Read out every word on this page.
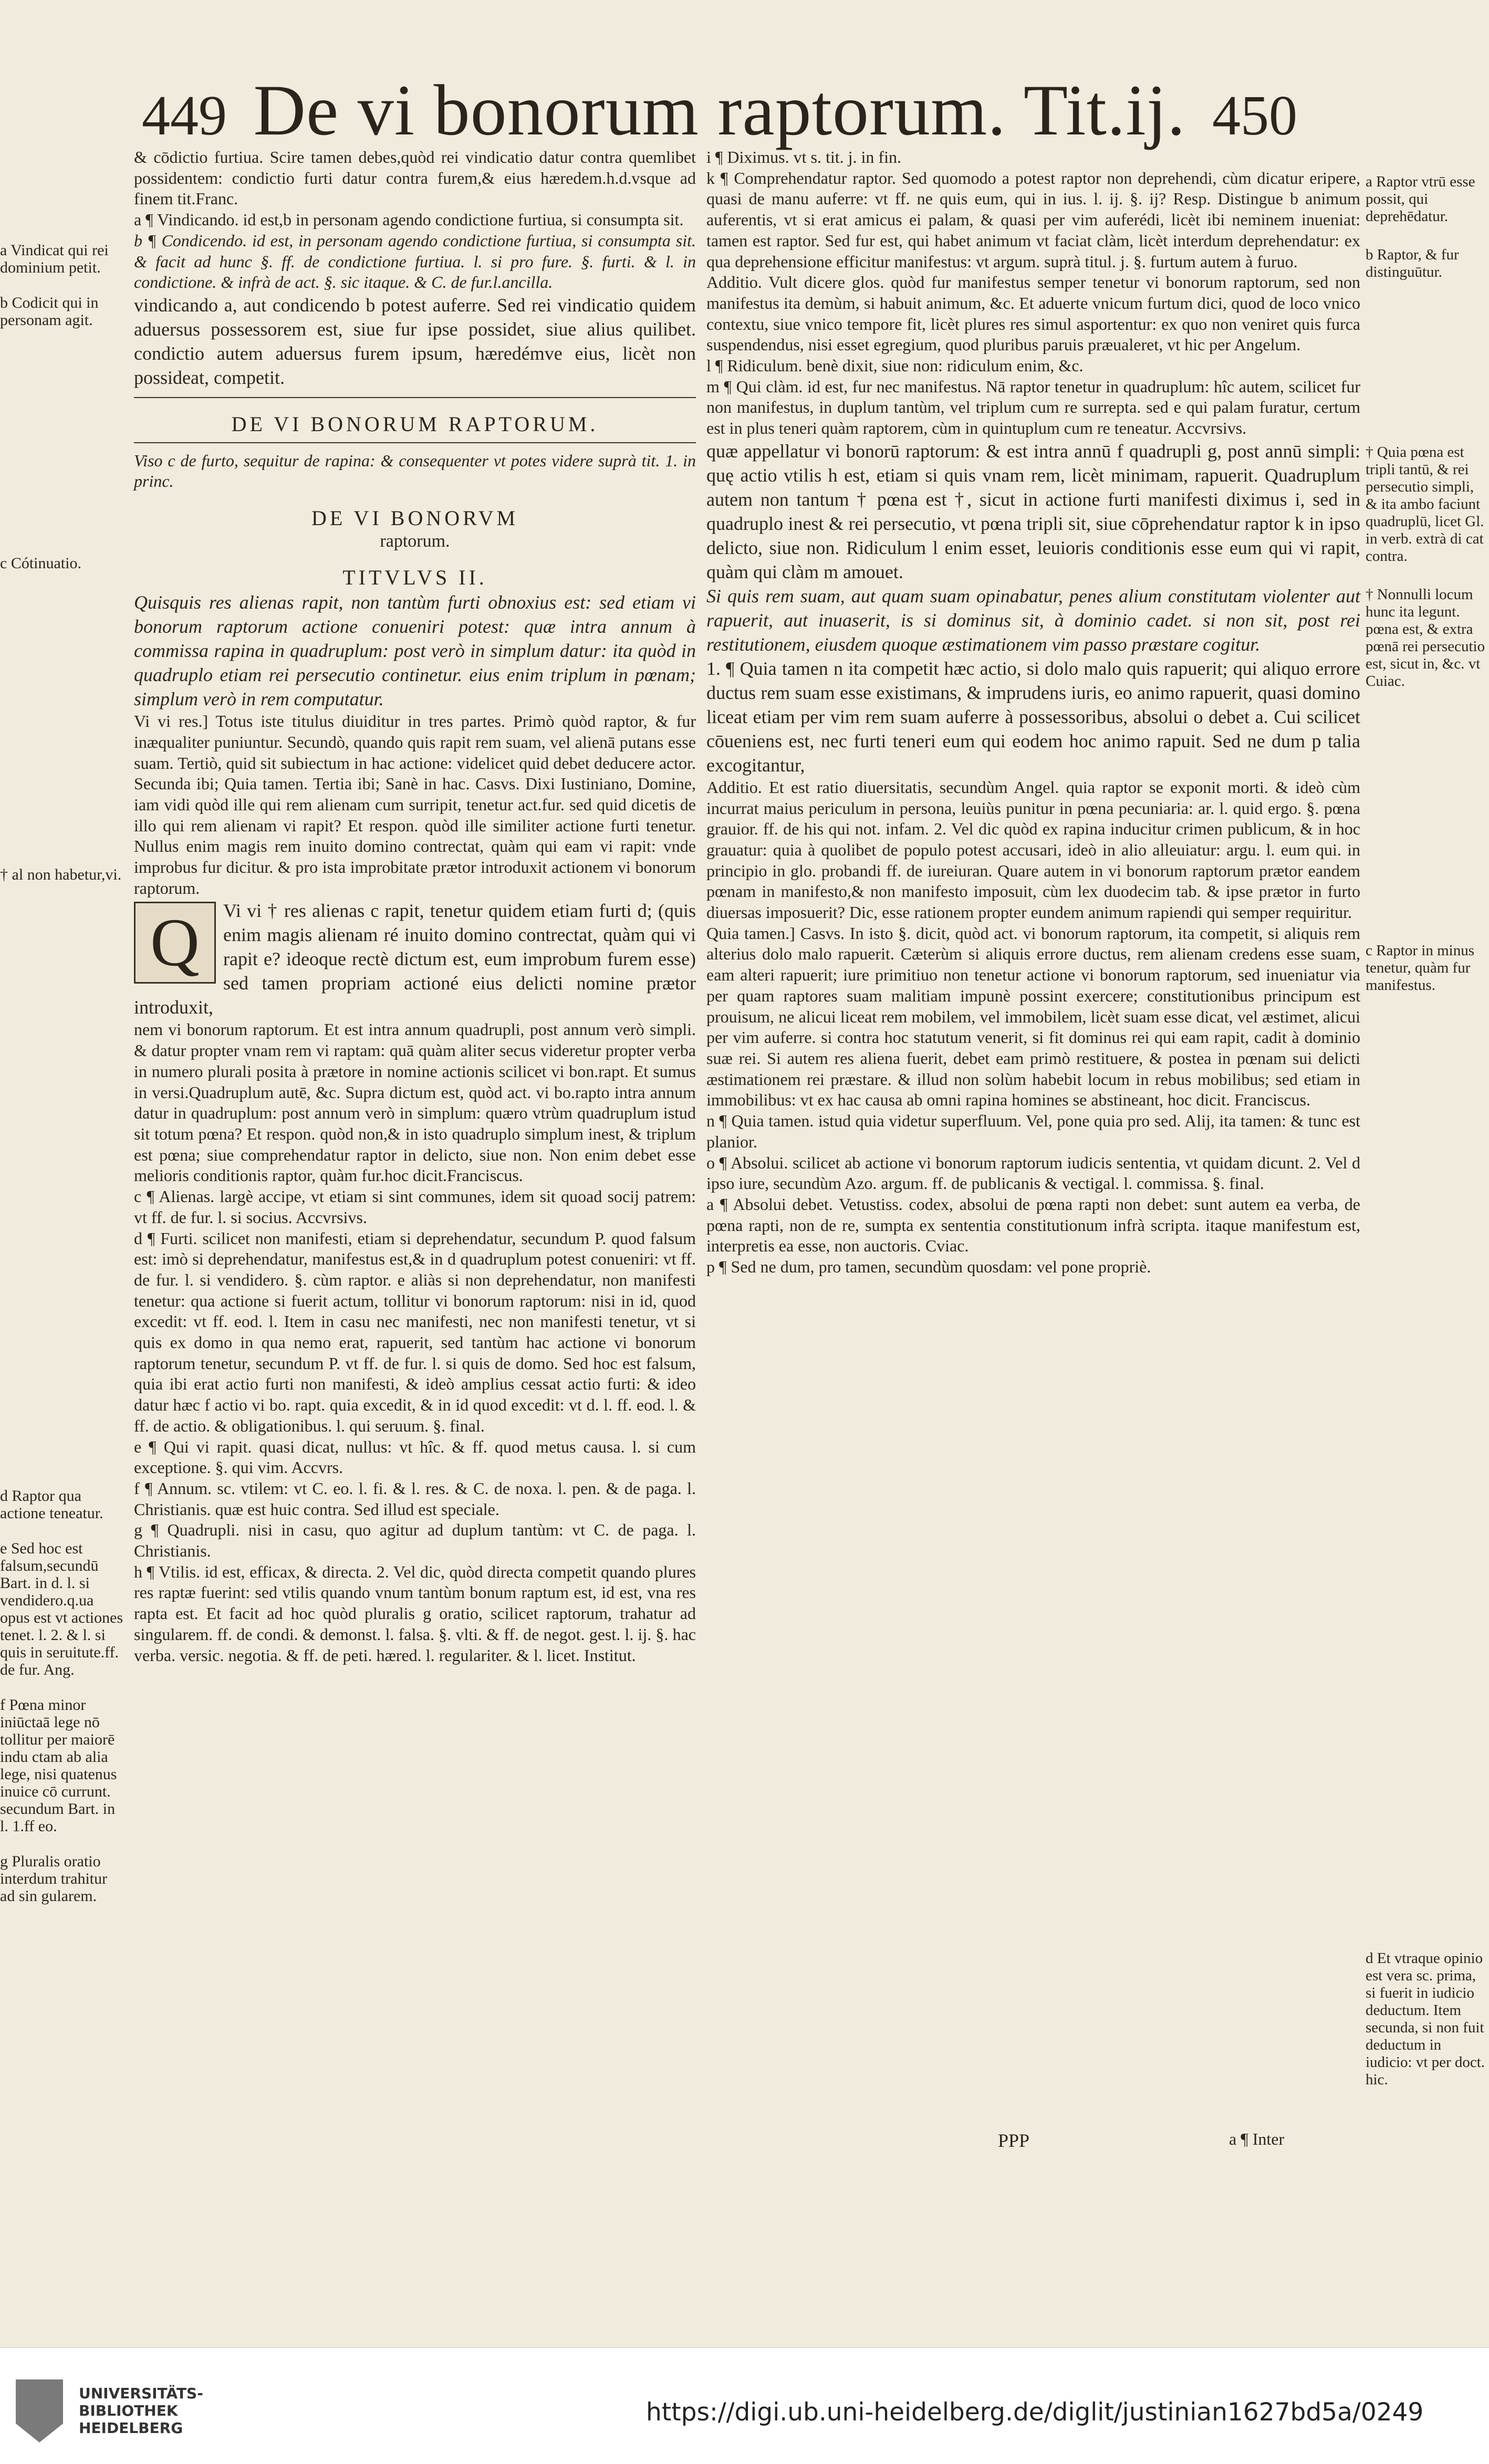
449 De vi bonorum raptorum. Tit.ij. 450

a Vindicat qui rei dominium petit.

b Codicit qui in personam agit.

c Cótinuatio.

† al non habetur,vi.

d Raptor qua actione teneatur.

e Sed hoc est falsum,secundū Bart. in d. l. si vendidero.q.ua opus est vt actiones tenet. l. 2. & l. si quis in seruitute.ff. de fur. Ang.

f Pœna minor iniūctaā lege nō tollitur per maiorē indu ctam ab alia lege, nisi quatenus inuice cō currunt. secundum Bart. in l. 1.ff eo.

g Pluralis oratio interdum trahitur ad sin gularem.

& cōdictio furtiua. Scire tamen debes,quòd rei vindicatio datur contra quemlibet possidentem: condictio furti datur contra furem,& eius hæredem.h.d.vsque ad finem tit.Franc.

a ¶ Vindicando. id est,b in personam agendo condictione furtiua, si consumpta sit.

b ¶ Condicendo. id est, in personam agendo condictione furtiua, si consumpta sit. & facit ad hunc §. ff. de condictione furtiua. l. si pro fure. §. furti. & l. in condictione. & infrà de act. §. sic itaque. & C. de fur.l.ancilla.

vindicando a, aut condicendo b potest auferre. Sed rei vindicatio quidem aduersus possessorem est, siue fur ipse possidet, siue alius quilibet. condictio autem aduersus furem ipsum, hæredémve eius, licèt non possideat, competit.

DE VI BONORUM RAPTORUM.

Viso c de furto, sequitur de rapina: & consequenter vt potes videre suprà tit. 1. in princ.

DE VI BONORVM

raptorum.

TITVLVS II.

Quisquis res alienas rapit, non tantùm furti obnoxius est: sed etiam vi bonorum raptorum actione conueniri potest: quæ intra annum à commissa rapina in quadruplum: post verò in simplum datur: ita quòd in quadruplo etiam rei persecutio continetur. eius enim triplum in pœnam; simplum verò in rem computatur.

Vi vi res.] Totus iste titulus diuiditur in tres partes. Primò quòd raptor, & fur inæqualiter puniuntur. Secundò, quando quis rapit rem suam, vel alienā putans esse suam. Tertiò, quid sit subiectum in hac actione: videlicet quid debet deducere actor. Secunda ibi; Quia tamen. Tertia ibi; Sanè in hac. Casvs. Dixi Iustiniano, Domine, iam vidi quòd ille qui rem alienam cum surripit, tenetur act.fur. sed quid dicetis de illo qui rem alienam vi rapit? Et respon. quòd ille similiter actione furti tenetur. Nullus enim magis rem inuito domino contrectat, quàm qui eam vi rapit: vnde improbus fur dicitur. & pro ista improbitate prætor introduxit actionem vi bonorum raptorum.

Q	Vi vi † res alienas c rapit, tenetur quidem etiam furti d; (quis enim magis alienam ré inuito domino contrectat, quàm qui vi rapit e? ideoque rectè dictum est, eum improbum furem esse) sed tamen propriam actioné eius delicti nomine prætor introduxit,

nem vi bonorum raptorum. Et est intra annum quadrupli, post annum verò simpli. & datur propter vnam rem vi raptam: quā quàm aliter secus videretur propter verba in numero plurali posita à prætore in nomine actionis scilicet vi bon.rapt. Et sumus in versi.Quadruplum autē, &c. Supra dictum est, quòd act. vi bo.rapto intra annum datur in quadruplum: post annum verò in simplum: quæro vtrùm quadruplum istud sit totum pœna? Et respon. quòd non,& in isto quadruplo simplum inest, & triplum est pœna; siue comprehendatur raptor in delicto, siue non. Non enim debet esse melioris conditionis raptor, quàm fur.hoc dicit.Franciscus.

c ¶ Alienas. largè accipe, vt etiam si sint communes, idem sit quoad socij patrem: vt ff. de fur. l. si socius. Accvrsivs.

d ¶ Furti. scilicet non manifesti, etiam si deprehendatur, secundum P. quod falsum est: imò si deprehendatur, manifestus est,& in d quadruplum potest conueniri: vt ff. de fur. l. si vendidero. §. cùm raptor. e aliàs si non deprehendatur, non manifesti tenetur: qua actione si fuerit actum, tollitur vi bonorum raptorum: nisi in id, quod excedit: vt ff. eod. l. Item in casu nec manifesti, nec non manifesti tenetur, vt si quis ex domo in qua nemo erat, rapuerit, sed tantùm hac actione vi bonorum raptorum tenetur, secundum P. vt ff. de fur. l. si quis de domo. Sed hoc est falsum, quia ibi erat actio furti non manifesti, & ideò amplius cessat actio furti: & ideo datur hæc f actio vi bo. rapt. quia excedit, & in id quod excedit: vt d. l. ff. eod. l. & ff. de actio. & obligationibus. l. qui seruum. §. final.

e ¶ Qui vi rapit. quasi dicat, nullus: vt hîc. & ff. quod metus causa. l. si cum exceptione. §. qui vim. Accvrs.

f ¶ Annum. sc. vtilem: vt C. eo. l. fi. & l. res. & C. de noxa. l. pen. & de paga. l. Christianis. quæ est huic contra. Sed illud est speciale.

g ¶ Quadrupli. nisi in casu, quo agitur ad duplum tantùm: vt C. de paga. l. Christianis.

h ¶ Vtilis. id est, efficax, & directa. 2. Vel dic, quòd directa competit quando plures res raptæ fuerint: sed vtilis quando vnum tantùm bonum raptum est, id est, vna res rapta est. Et facit ad hoc quòd pluralis g oratio, scilicet raptorum, trahatur ad singularem. ff. de condi. & demonst. l. falsa. §. vlti. & ff. de negot. gest. l. ij. §. hac verba. versic. negotia. & ff. de peti. hæred. l. regulariter. & l. licet. Institut.

i ¶ Diximus. vt s. tit. j. in fin.

k ¶ Comprehendatur raptor. Sed quomodo a potest raptor non deprehendi, cùm dicatur eripere, quasi de manu auferre: vt ff. ne quis eum, qui in ius. l. ij. §. ij? Resp. Distingue b animum auferentis, vt si erat amicus ei palam, & quasi per vim auferédi, licèt ibi neminem inueniat: tamen est raptor. Sed fur est, qui habet animum vt faciat clàm, licèt interdum deprehendatur: ex qua deprehensione efficitur manifestus: vt argum. suprà titul. j. §. furtum autem à furuo.

Additio. Vult dicere glos. quòd fur manifestus semper tenetur vi bonorum raptorum, sed non manifestus ita demùm, si habuit animum, &c. Et aduerte vnicum furtum dici, quod de loco vnico contextu, siue vnico tempore fit, licèt plures res simul asportentur: ex quo non veniret quis furca suspendendus, nisi esset egregium, quod pluribus paruis præualeret, vt hic per Angelum.

l ¶ Ridiculum. benè dixit, siue non: ridiculum enim, &c.

m ¶ Qui clàm. id est, fur nec manifestus. Nā raptor tenetur in quadruplum: hîc autem, scilicet fur non manifestus, in duplum tantùm, vel triplum cum re surrepta. sed e qui palam furatur, certum est in plus teneri quàm raptorem, cùm in quintuplum cum re teneatur. Accvrsivs.

quæ appellatur vi bonorū raptorum: & est intra annū f quadrupli g, post annū simpli: quę actio vtilis h est, etiam si quis vnam rem, licèt minimam, rapuerit. Quadruplum autem non tantum † pœna est †, sicut in actione furti manifesti diximus i, sed in quadruplo inest & rei persecutio, vt pœna tripli sit, siue cōprehendatur raptor k in ipso delicto, siue non. Ridiculum l enim esset, leuioris conditionis esse eum qui vi rapit, quàm qui clàm m amouet.

Si quis rem suam, aut quam suam opinabatur, penes alium constitutam violenter aut rapuerit, aut inuaserit, is si dominus sit, à dominio cadet. si non sit, post rei restitutionem, eiusdem quoque æstimationem vim passo præstare cogitur.

1. ¶ Quia tamen n ita competit hæc actio, si dolo malo quis rapuerit; qui aliquo errore ductus rem suam esse existimans, & imprudens iuris, eo animo rapuerit, quasi domino liceat etiam per vim rem suam auferre à possessoribus, absolui o debet a. Cui scilicet cōueniens est, nec furti teneri eum qui eodem hoc animo rapuit. Sed ne dum p talia excogitantur,

Additio. Et est ratio diuersitatis, secundùm Angel. quia raptor se exponit morti. & ideò cùm incurrat maius periculum in persona, leuiùs punitur in pœna pecuniaria: ar. l. quid ergo. §. pœna grauior. ff. de his qui not. infam. 2. Vel dic quòd ex rapina inducitur crimen publicum, & in hoc grauatur: quia à quolibet de populo potest accusari, ideò in alio alleuiatur: argu. l. eum qui. in principio in glo. probandi ff. de iureiuran. Quare autem in vi bonorum raptorum prætor eandem pœnam in manifesto,& non manifesto imposuit, cùm lex duodecim tab. & ipse prætor in furto diuersas imposuerit? Dic, esse rationem propter eundem animum rapiendi qui semper requiritur.

Quia tamen.] Casvs. In isto §. dicit, quòd act. vi bonorum raptorum, ita competit, si aliquis rem alterius dolo malo rapuerit. Cæterùm si aliquis errore ductus, rem alienam credens esse suam, eam alteri rapuerit; iure primitiuo non tenetur actione vi bonorum raptorum, sed inueniatur via per quam raptores suam malitiam impunè possint exercere; constitutionibus principum est prouisum, ne alicui liceat rem mobilem, vel immobilem, licèt suam esse dicat, vel æstimet, alicui per vim auferre. si contra hoc statutum venerit, si fit dominus rei qui eam rapit, cadit à dominio suæ rei. Si autem res aliena fuerit, debet eam primò restituere, & postea in pœnam sui delicti æstimationem rei præstare. & illud non solùm habebit locum in rebus mobilibus; sed etiam in immobilibus: vt ex hac causa ab omni rapina homines se abstineant, hoc dicit. Franciscus.

n ¶ Quia tamen. istud quia videtur superfluum. Vel, pone quia pro sed. Alij, ita tamen: & tunc est planior.

o ¶ Absolui. scilicet ab actione vi bonorum raptorum iudicis sententia, vt quidam dicunt. 2. Vel d ipso iure, secundùm Azo. argum. ff. de publicanis & vectigal. l. commissa. §. final.

a ¶ Absolui debet. Vetustiss. codex, absolui de pœna rapti non debet: sunt autem ea verba, de pœna rapti, non de re, sumpta ex sententia constitutionum infrà scripta. itaque manifestum est, interpretis ea esse, non auctoris. Cviac.

p ¶ Sed ne dum, pro tamen, secundùm quosdam: vel pone propriè.

a Raptor vtrū esse possit, qui deprehēdatur.

b Raptor, & fur distinguūtur.

† Quia pœna est tripli tantū, & rei persecutio simpli, & ita ambo faciunt quadruplū, licet Gl. in verb. extrà di cat contra.

† Nonnulli locum hunc ita legunt. pœna est, & extra pœnā rei persecutio est, sicut in, &c. vt Cuiac.

c Raptor in minus tenetur, quàm fur manifestus.

d Et vtraque opinio est vera sc. prima, si fuerit in iudicio deductum. Item secunda, si non fuit deductum in iudicio: vt per doct. hic.

PPP	a ¶ Inter
UNIVERSITÄTS-
BIBLIOTHEK
HEIDELBERG
https://digi.ub.uni-heidelberg.de/diglit/justinian1627bd5a/0249
